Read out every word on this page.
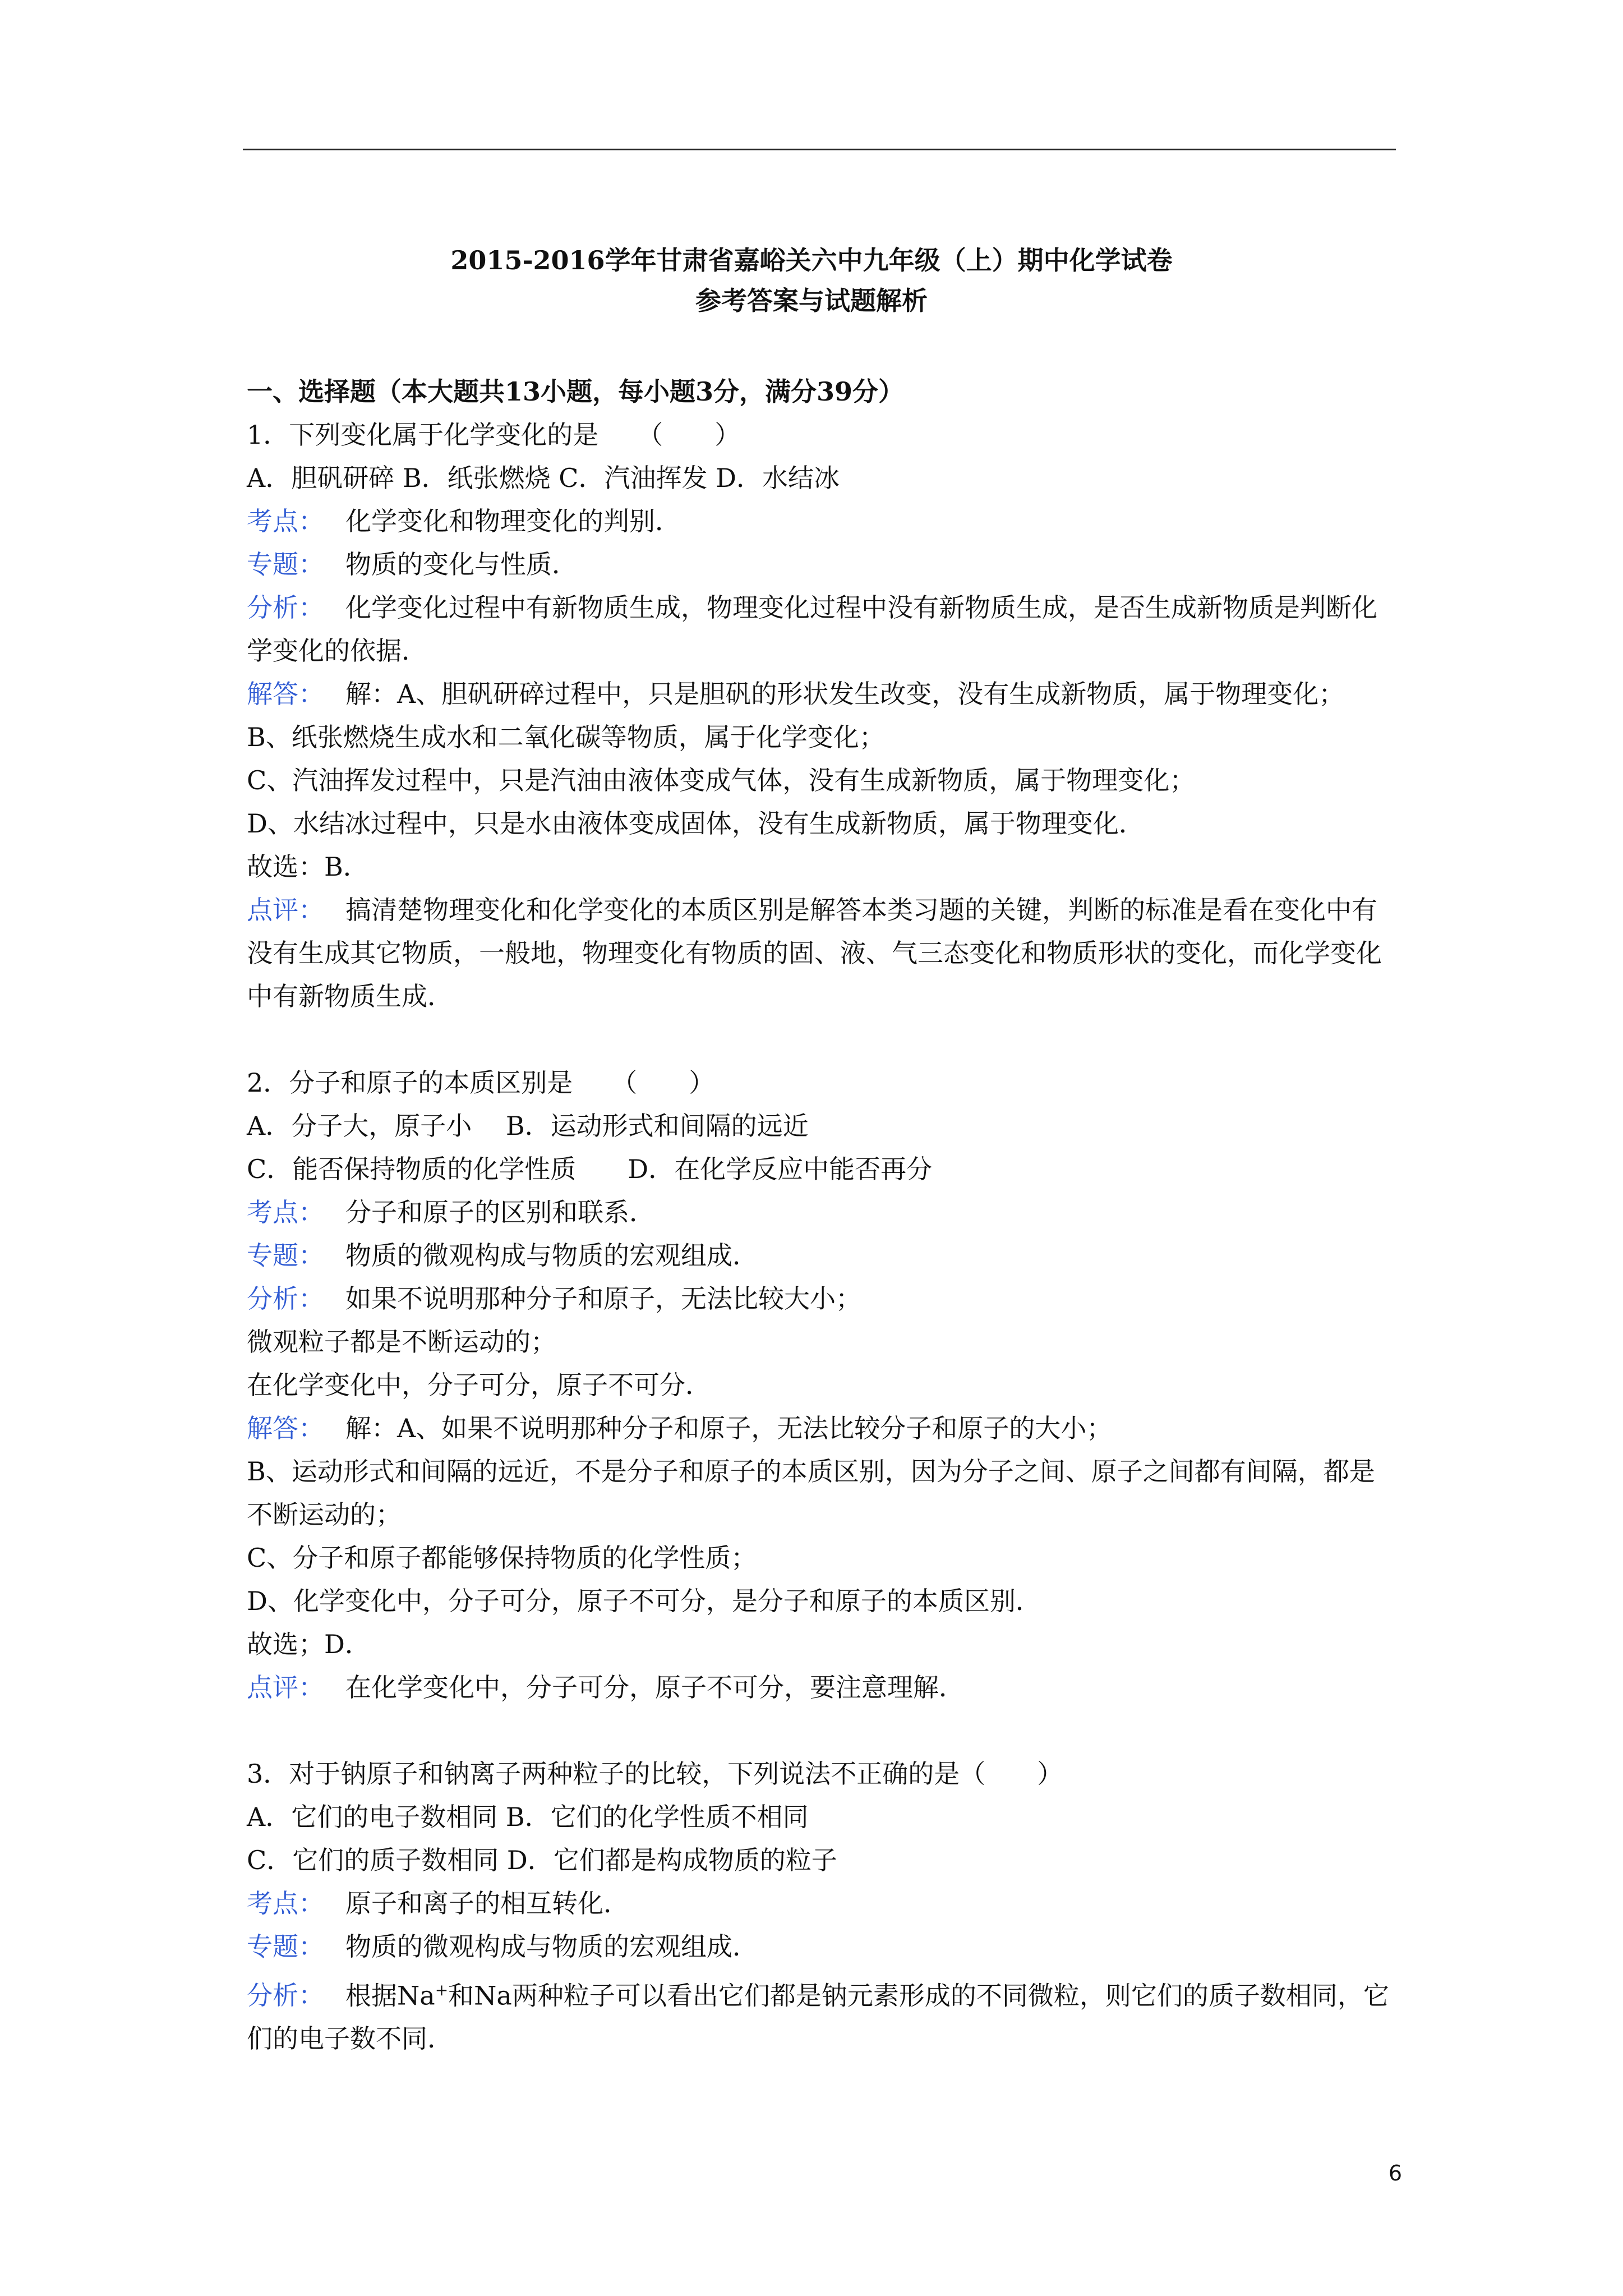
2015-2016学年甘肃省嘉峪关六中九年级（上）期中化学试卷
参考答案与试题解析

一、选择题（本大题共13小题，每小题3分，满分39分）

1．下列变化属于化学变化的是　　（　　）

A．胆矾研碎 B．纸张燃烧 C．汽油挥发 D．水结冰

考点： 化学变化和物理变化的判别．

专题： 物质的变化与性质．

分析： 化学变化过程中有新物质生成，物理变化过程中没有新物质生成，是否生成新物质是判断化学变化的依据．

解答： 解：A、胆矾研碎过程中，只是胆矾的形状发生改变，没有生成新物质，属于物理变化；

B、纸张燃烧生成水和二氧化碳等物质，属于化学变化；

C、汽油挥发过程中，只是汽油由液体变成气体，没有生成新物质，属于物理变化；

D、水结冰过程中，只是水由液体变成固体，没有生成新物质，属于物理变化．

故选：B．

点评： 搞清楚物理变化和化学变化的本质区别是解答本类习题的关键，判断的标准是看在变化中有没有生成其它物质，一般地，物理变化有物质的固、液、气三态变化和物质形状的变化，而化学变化中有新物质生成．

2．分子和原子的本质区别是　　（　　）

A．分子大，原子小　 B．运动形式和间隔的远近

C．能否保持物质的化学性质　　D．在化学反应中能否再分

考点： 分子和原子的区别和联系．

专题： 物质的微观构成与物质的宏观组成．

分析： 如果不说明那种分子和原子，无法比较大小；

微观粒子都是不断运动的；

在化学变化中，分子可分，原子不可分．

解答： 解：A、如果不说明那种分子和原子，无法比较分子和原子的大小；

B、运动形式和间隔的远近，不是分子和原子的本质区别，因为分子之间、原子之间都有间隔，都是不断运动的；

C、分子和原子都能够保持物质的化学性质；

D、化学变化中，分子可分，原子不可分，是分子和原子的本质区别．

故选；D．

点评： 在化学变化中，分子可分，原子不可分，要注意理解．

3．对于钠原子和钠离子两种粒子的比较，下列说法不正确的是（　　）

A．它们的电子数相同 B．它们的化学性质不相同

C．它们的质子数相同 D．它们都是构成物质的粒子

考点： 原子和离子的相互转化．

专题： 物质的微观构成与物质的宏观组成．

分析： 根据Na+和Na两种粒子可以看出它们都是钠元素形成的不同微粒，则它们的质子数相同，它们的电子数不同．

6
